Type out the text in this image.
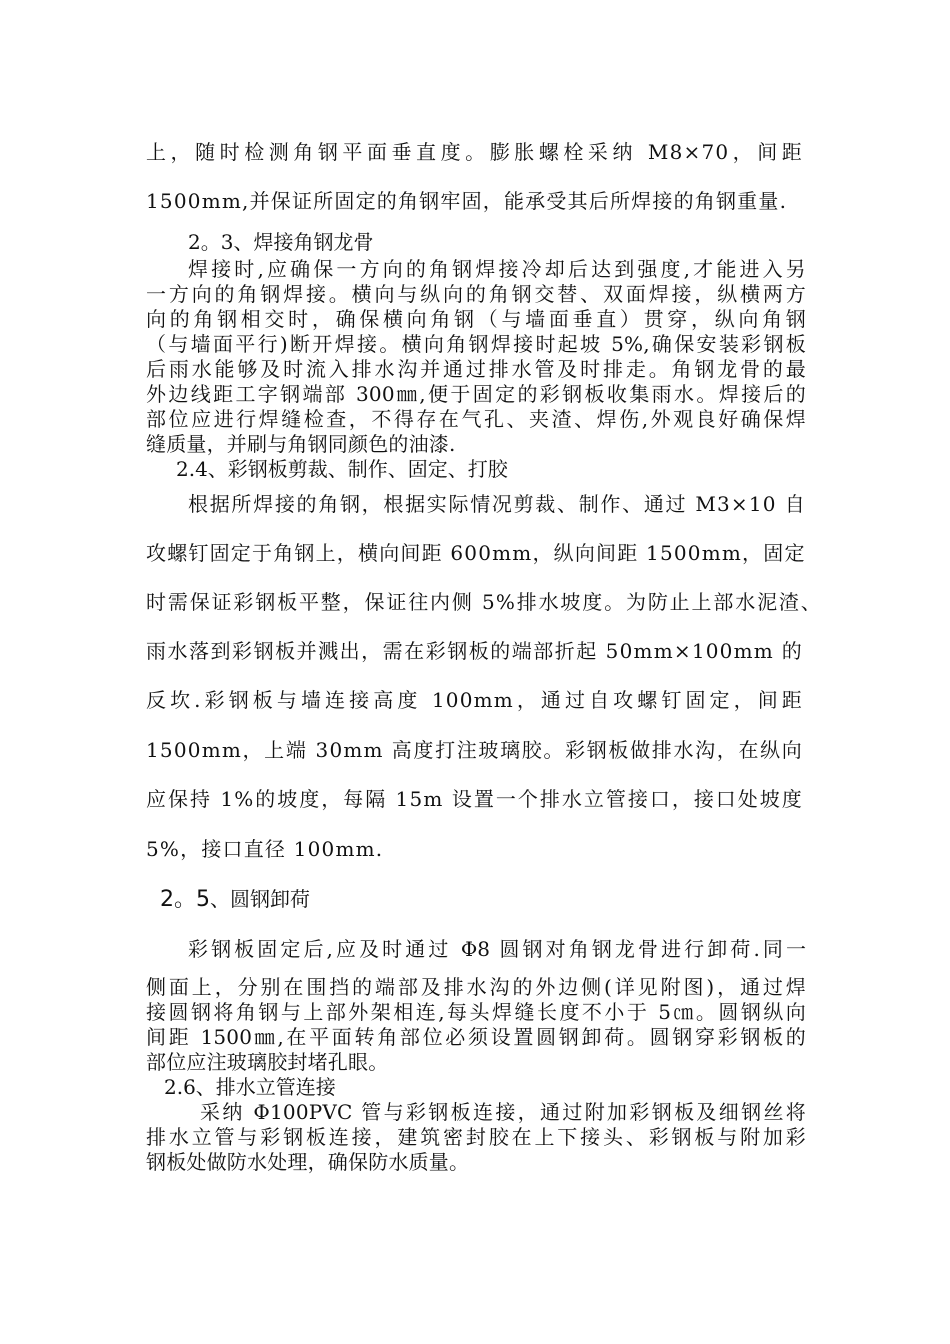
上，随时检测角钢平面垂直度。膨胀螺栓采纳 M8×70，间距
1500mm,并保证所固定的角钢牢固，能承受其后所焊接的角钢重量.
2。3、焊接角钢龙骨
焊接时,应确保一方向的角钢焊接冷却后达到强度,才能进入另
一方向的角钢焊接。横向与纵向的角钢交替、双面焊接，纵横两方
向的角钢相交时，确保横向角钢（与墙面垂直）贯穿，纵向角钢
（与墙面平行)断开焊接。横向角钢焊接时起坡 5%,确保安装彩钢板
后雨水能够及时流入排水沟并通过排水管及时排走。角钢龙骨的最
外边线距工字钢端部 300㎜,便于固定的彩钢板收集雨水。焊接后的
部位应进行焊缝检查，不得存在气孔、夹渣、焊伤,外观良好确保焊
缝质量，并刷与角钢同颜色的油漆.
2.4、彩钢板剪裁、制作、固定、打胶
根据所焊接的角钢，根据实际情况剪裁、制作、通过 M3×10 自
攻螺钉固定于角钢上，横向间距 600mm，纵向间距 1500mm，固定
时需保证彩钢板平整，保证往内侧 5%排水坡度。为防止上部水泥渣、
雨水落到彩钢板并溅出，需在彩钢板的端部折起 50mm×100mm 的
反坎.彩钢板与墙连接高度 100mm，通过自攻螺钉固定，间距
1500mm，上端 30mm 高度打注玻璃胶。彩钢板做排水沟，在纵向
应保持 1%的坡度，每隔 15m 设置一个排水立管接口，接口处坡度
5%，接口直径 100mm.
2。5、圆钢卸荷
彩钢板固定后,应及时通过 Φ8 圆钢对角钢龙骨进行卸荷.同一
侧面上，分别在围挡的端部及排水沟的外边侧(详见附图)，通过焊
接圆钢将角钢与上部外架相连,每头焊缝长度不小于 5㎝。圆钢纵向
间距 1500㎜,在平面转角部位必须设置圆钢卸荷。圆钢穿彩钢板的
部位应注玻璃胶封堵孔眼。
2.6、排水立管连接
采纳 Φ100PVC 管与彩钢板连接，通过附加彩钢板及细钢丝将
排水立管与彩钢板连接，建筑密封胶在上下接头、彩钢板与附加彩
钢板处做防水处理，确保防水质量。
